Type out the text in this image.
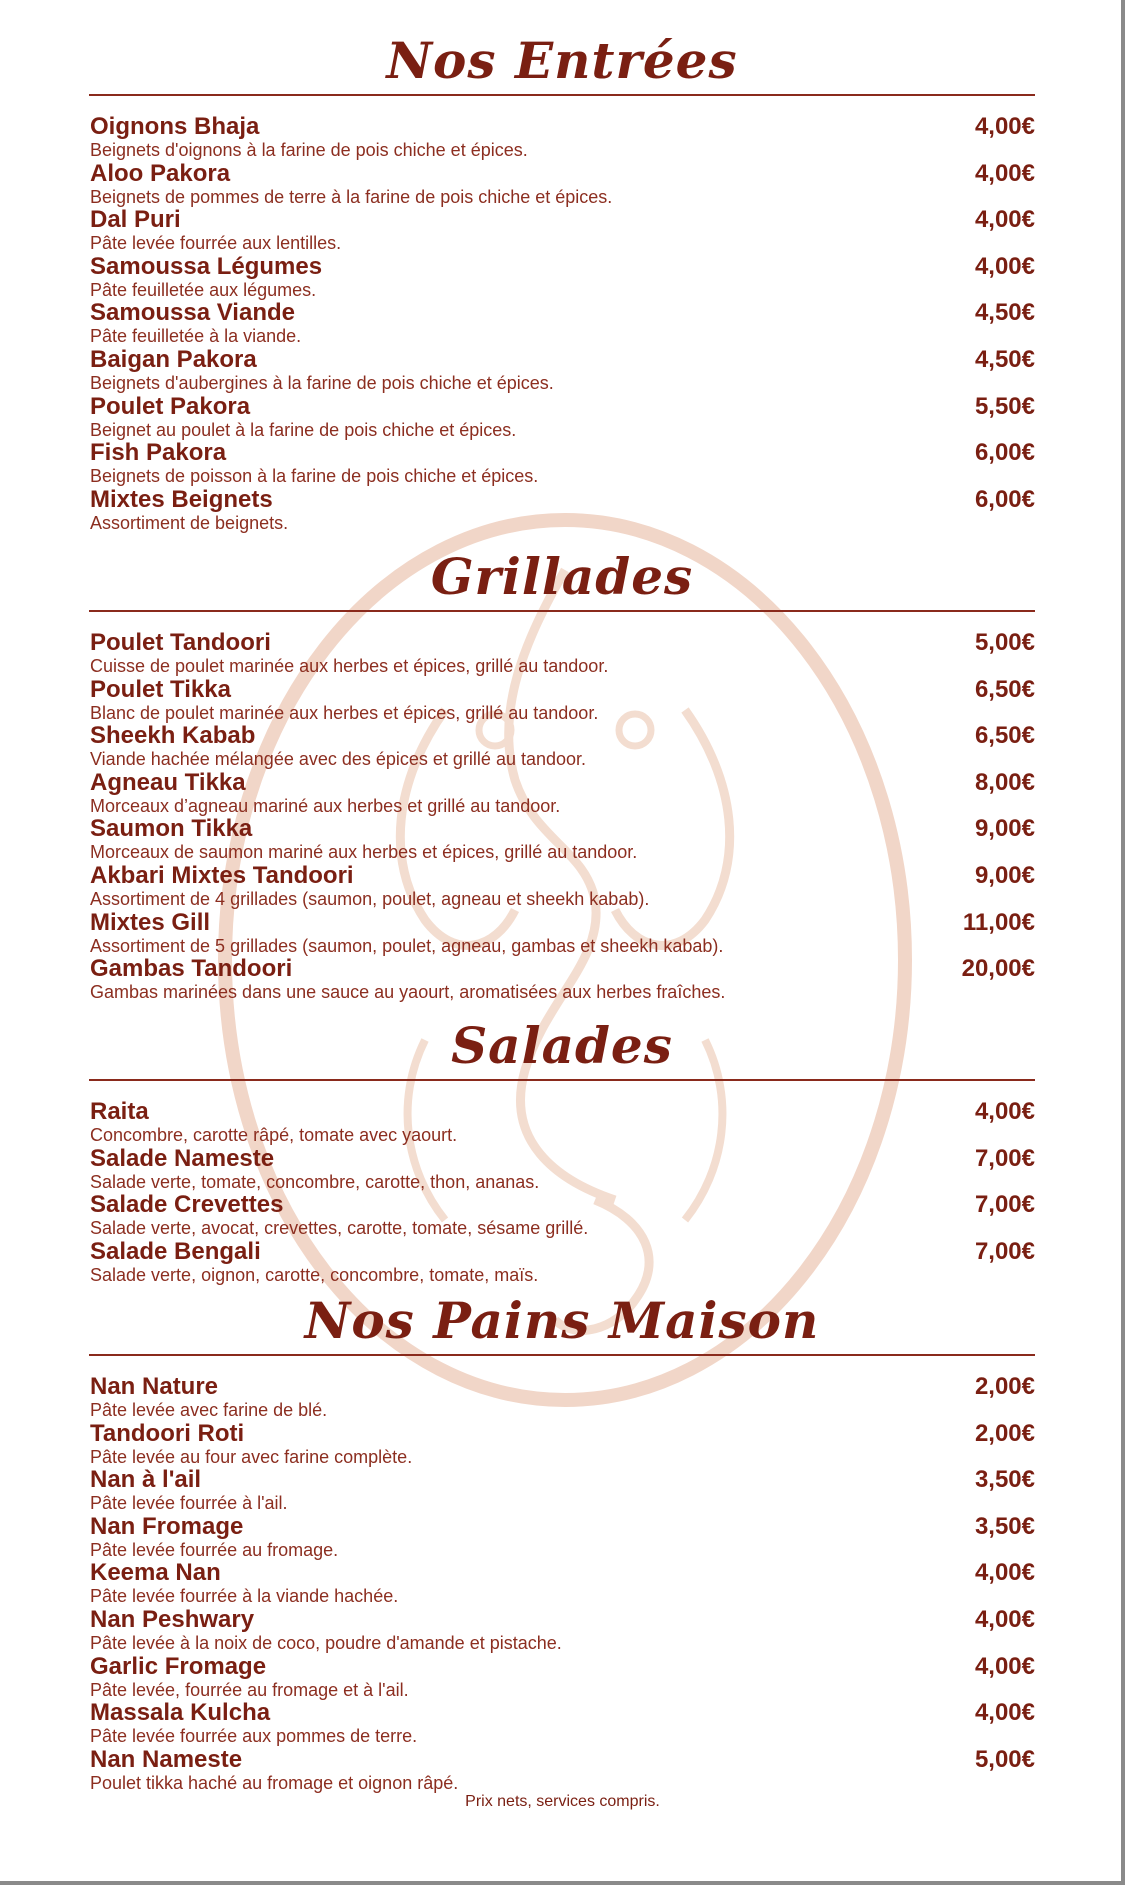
Nos Entrées
Oignons Bhaja	4,00€
Beignets d'oignons à la farine de pois chiche et épices.
Aloo Pakora	4,00€
Beignets de pommes de terre à la farine de pois chiche et épices.
Dal Puri	4,00€
Pâte levée fourrée aux lentilles.
Samoussa Légumes	4,00€
Pâte feuilletée aux légumes.
Samoussa Viande	4,50€
Pâte feuilletée à la viande.
Baigan Pakora	4,50€
Beignets d'aubergines à la farine de pois chiche et épices.
Poulet Pakora	5,50€
Beignet au poulet à la farine de pois chiche et épices.
Fish Pakora	6,00€
Beignets de poisson à la farine de pois chiche et épices.
Mixtes Beignets	6,00€
Assortiment de beignets.
Grillades
Poulet Tandoori	5,00€
Cuisse de poulet marinée aux herbes et épices, grillé au tandoor.
Poulet Tikka	6,50€
Blanc de poulet marinée aux herbes et épices, grillé au tandoor.
Sheekh Kabab	6,50€
Viande hachée mélangée avec des épices et grillé au tandoor.
Agneau Tikka	8,00€
Morceaux d’agneau mariné aux herbes et grillé au tandoor.
Saumon Tikka	9,00€
Morceaux de saumon mariné aux herbes et épices, grillé au tandoor.
Akbari Mixtes Tandoori	9,00€
Assortiment de 4 grillades (saumon, poulet, agneau et sheekh kabab).
Mixtes Gill	11,00€
Assortiment de 5 grillades (saumon, poulet, agneau, gambas et sheekh kabab).
Gambas Tandoori	20,00€
Gambas marinées dans une sauce au yaourt, aromatisées aux herbes fraîches.
Salades
Raita	4,00€
Concombre, carotte râpé, tomate avec yaourt.
Salade Nameste	7,00€
Salade verte, tomate, concombre, carotte, thon, ananas.
Salade Crevettes	7,00€
Salade verte, avocat, crevettes, carotte, tomate, sésame grillé.
Salade Bengali	7,00€
Salade verte, oignon, carotte, concombre, tomate, maïs.
Nos Pains Maison
Nan Nature	2,00€
Pâte levée avec farine de blé.
Tandoori Roti	2,00€
Pâte levée au four avec farine complète.
Nan à l'ail	3,50€
Pâte levée fourrée à l'ail.
Nan Fromage	3,50€
Pâte levée fourrée au fromage.
Keema Nan	4,00€
Pâte levée fourrée à la viande hachée.
Nan Peshwary	4,00€
Pâte levée à la noix de coco, poudre d'amande et pistache.
Garlic Fromage	4,00€
Pâte levée, fourrée au fromage et à l'ail.
Massala Kulcha	4,00€
Pâte levée fourrée aux pommes de terre.
Nan Nameste	5,00€
Poulet tikka haché au fromage et oignon râpé.
Prix nets, services compris.
